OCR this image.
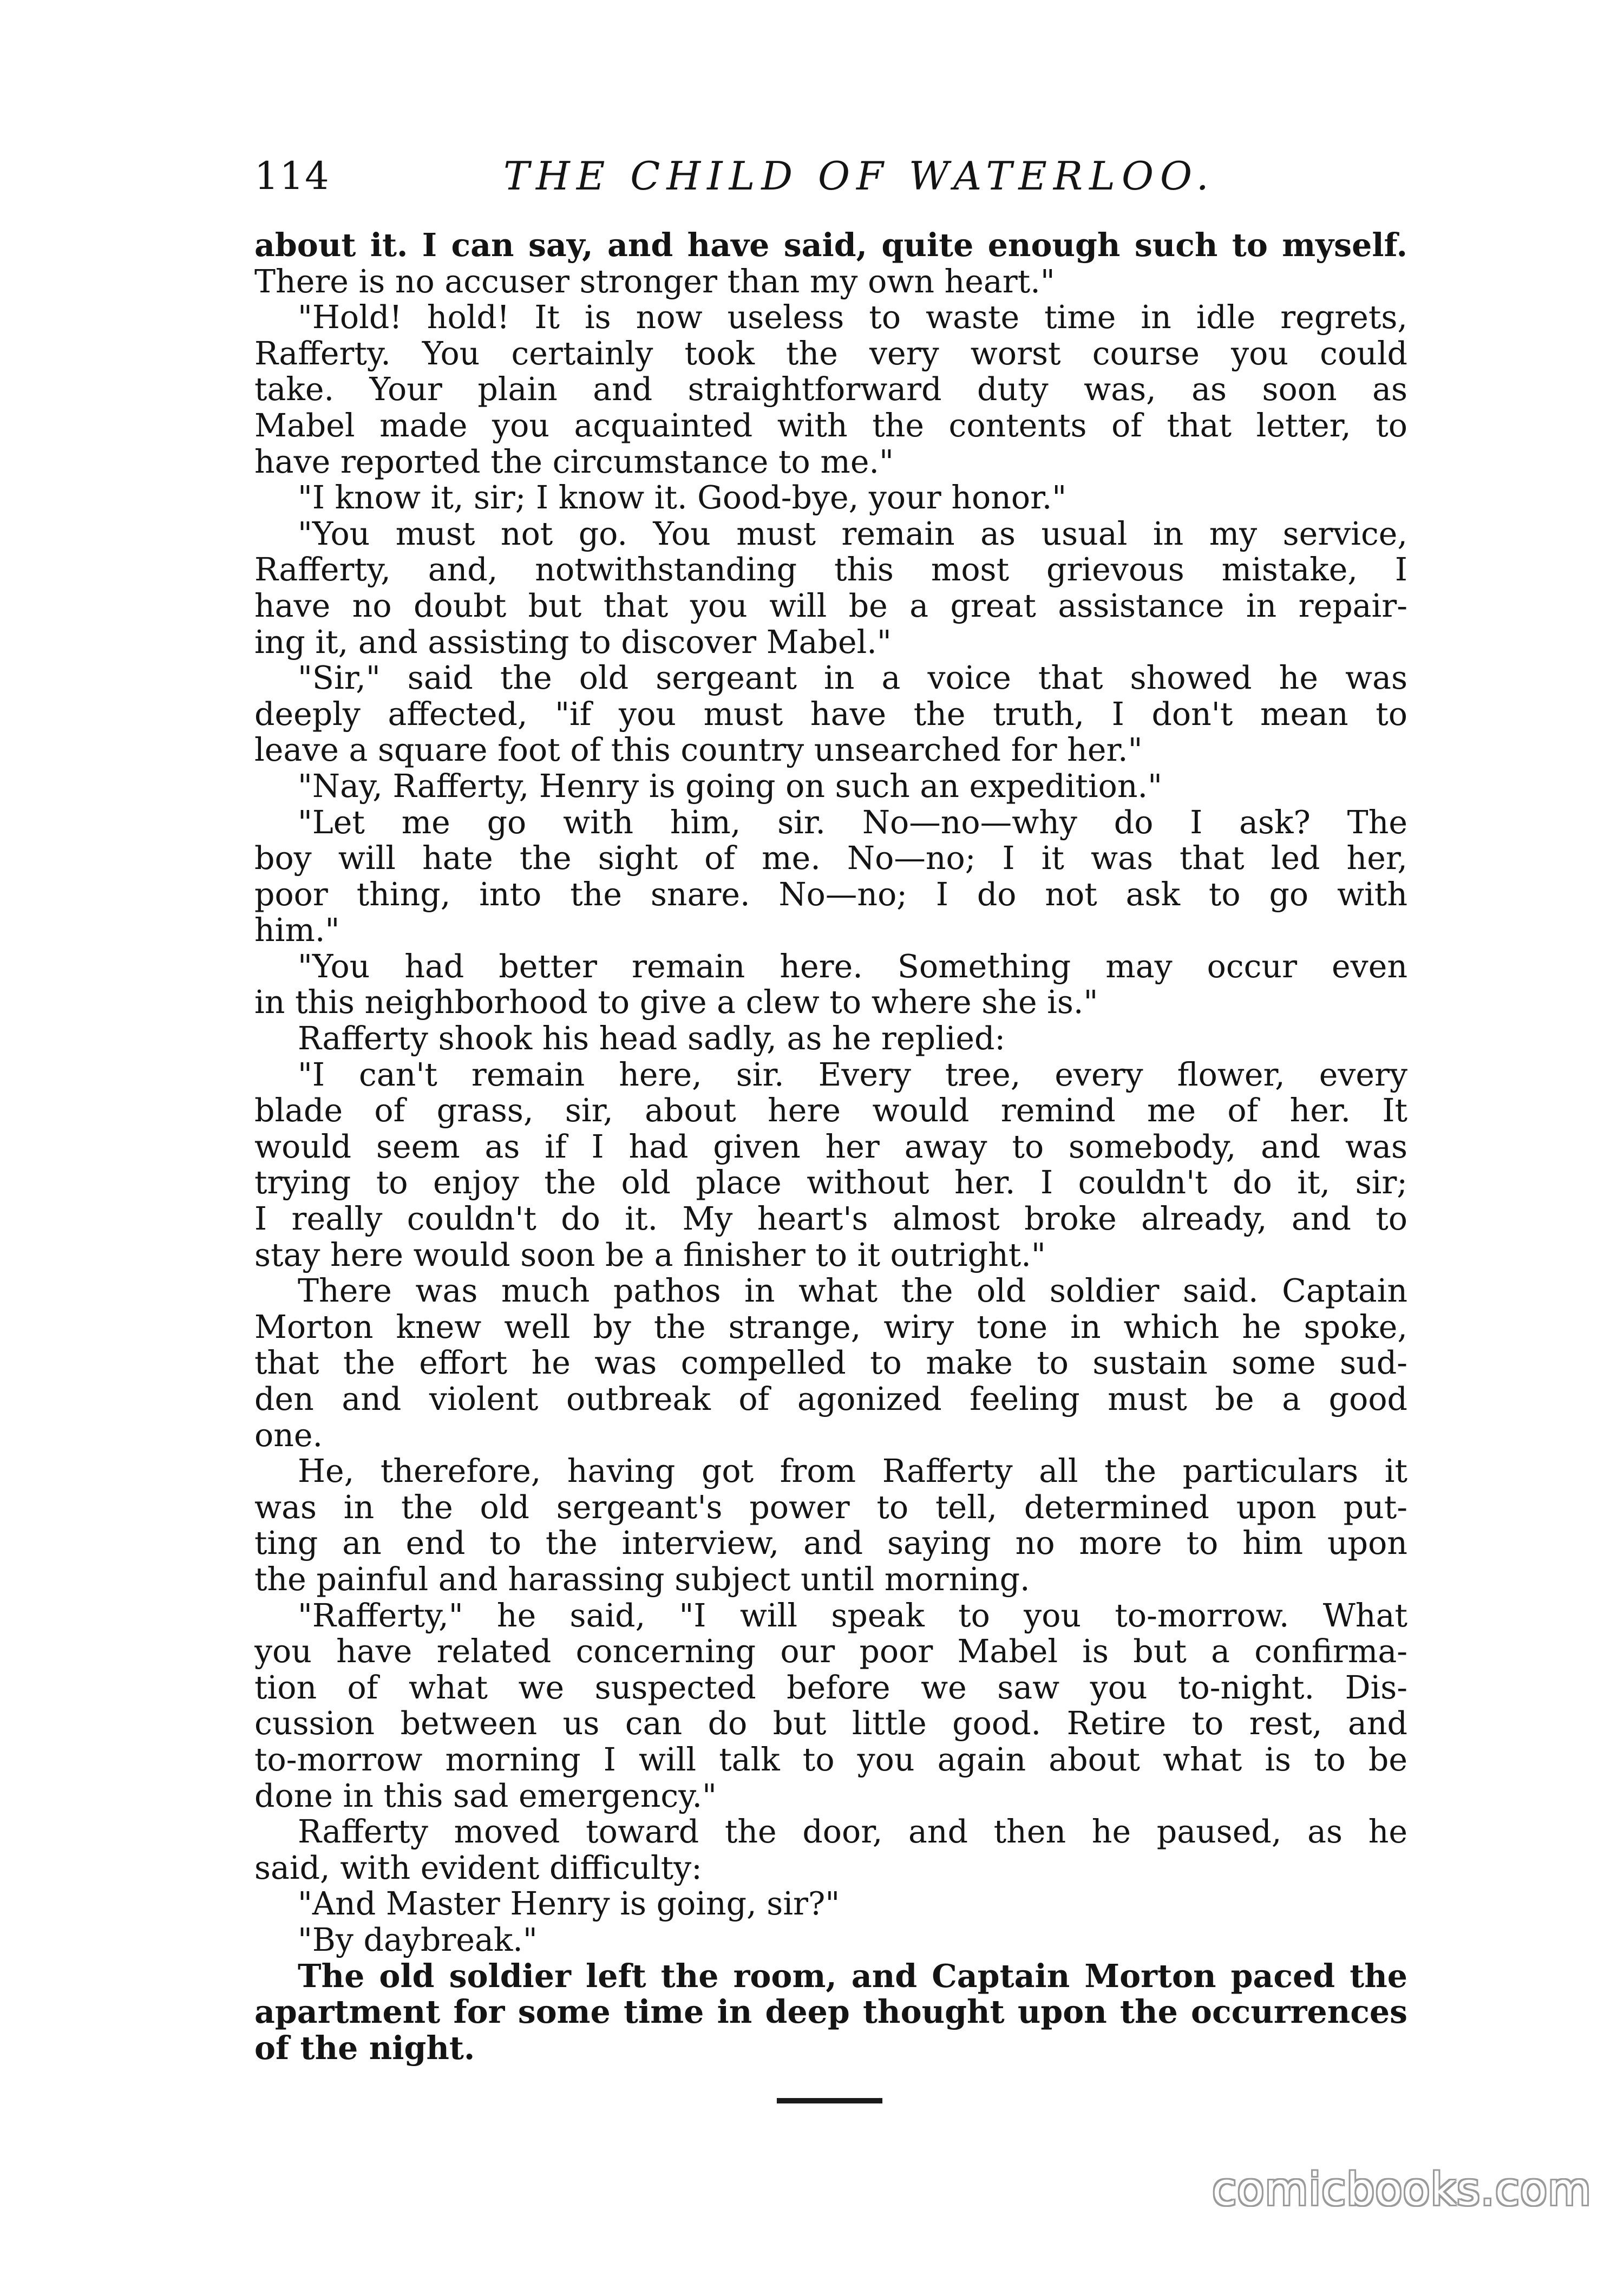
114	THE CHILD OF WATERLOO.
about it. I can say, and have said, quite enough such to myself.
There is no accuser stronger than my own heart."
"Hold! hold! It is now useless to waste time in idle regrets,
Rafferty. You certainly took the very worst course you could
take. Your plain and straightforward duty was, as soon as
Mabel made you acquainted with the contents of that letter, to
have reported the circumstance to me."
"I know it, sir; I know it. Good-bye, your honor."
"You must not go. You must remain as usual in my service,
Rafferty, and, notwithstanding this most grievous mistake, I
have no doubt but that you will be a great assistance in repair-
ing it, and assisting to discover Mabel."
"Sir," said the old sergeant in a voice that showed he was
deeply affected, "if you must have the truth, I don't mean to
leave a square foot of this country unsearched for her."
"Nay, Rafferty, Henry is going on such an expedition."
"Let me go with him, sir. No—no—why do I ask? The
boy will hate the sight of me. No—no; I it was that led her,
poor thing, into the snare. No—no; I do not ask to go with
him."
"You had better remain here. Something may occur even
in this neighborhood to give a clew to where she is."
Rafferty shook his head sadly, as he replied:
"I can't remain here, sir. Every tree, every flower, every
blade of grass, sir, about here would remind me of her. It
would seem as if I had given her away to somebody, and was
trying to enjoy the old place without her. I couldn't do it, sir;
I really couldn't do it. My heart's almost broke already, and to
stay here would soon be a finisher to it outright."
There was much pathos in what the old soldier said. Captain
Morton knew well by the strange, wiry tone in which he spoke,
that the effort he was compelled to make to sustain some sud-
den and violent outbreak of agonized feeling must be a good
one.
He, therefore, having got from Rafferty all the particulars it
was in the old sergeant's power to tell, determined upon put-
ting an end to the interview, and saying no more to him upon
the painful and harassing subject until morning.
"Rafferty," he said, "I will speak to you to-morrow. What
you have related concerning our poor Mabel is but a confirma-
tion of what we suspected before we saw you to-night. Dis-
cussion between us can do but little good. Retire to rest, and
to-morrow morning I will talk to you again about what is to be
done in this sad emergency."
Rafferty moved toward the door, and then he paused, as he
said, with evident difficulty:
"And Master Henry is going, sir?"
"By daybreak."
The old soldier left the room, and Captain Morton paced the
apartment for some time in deep thought upon the occurrences
of the night.
comicbooks.com
